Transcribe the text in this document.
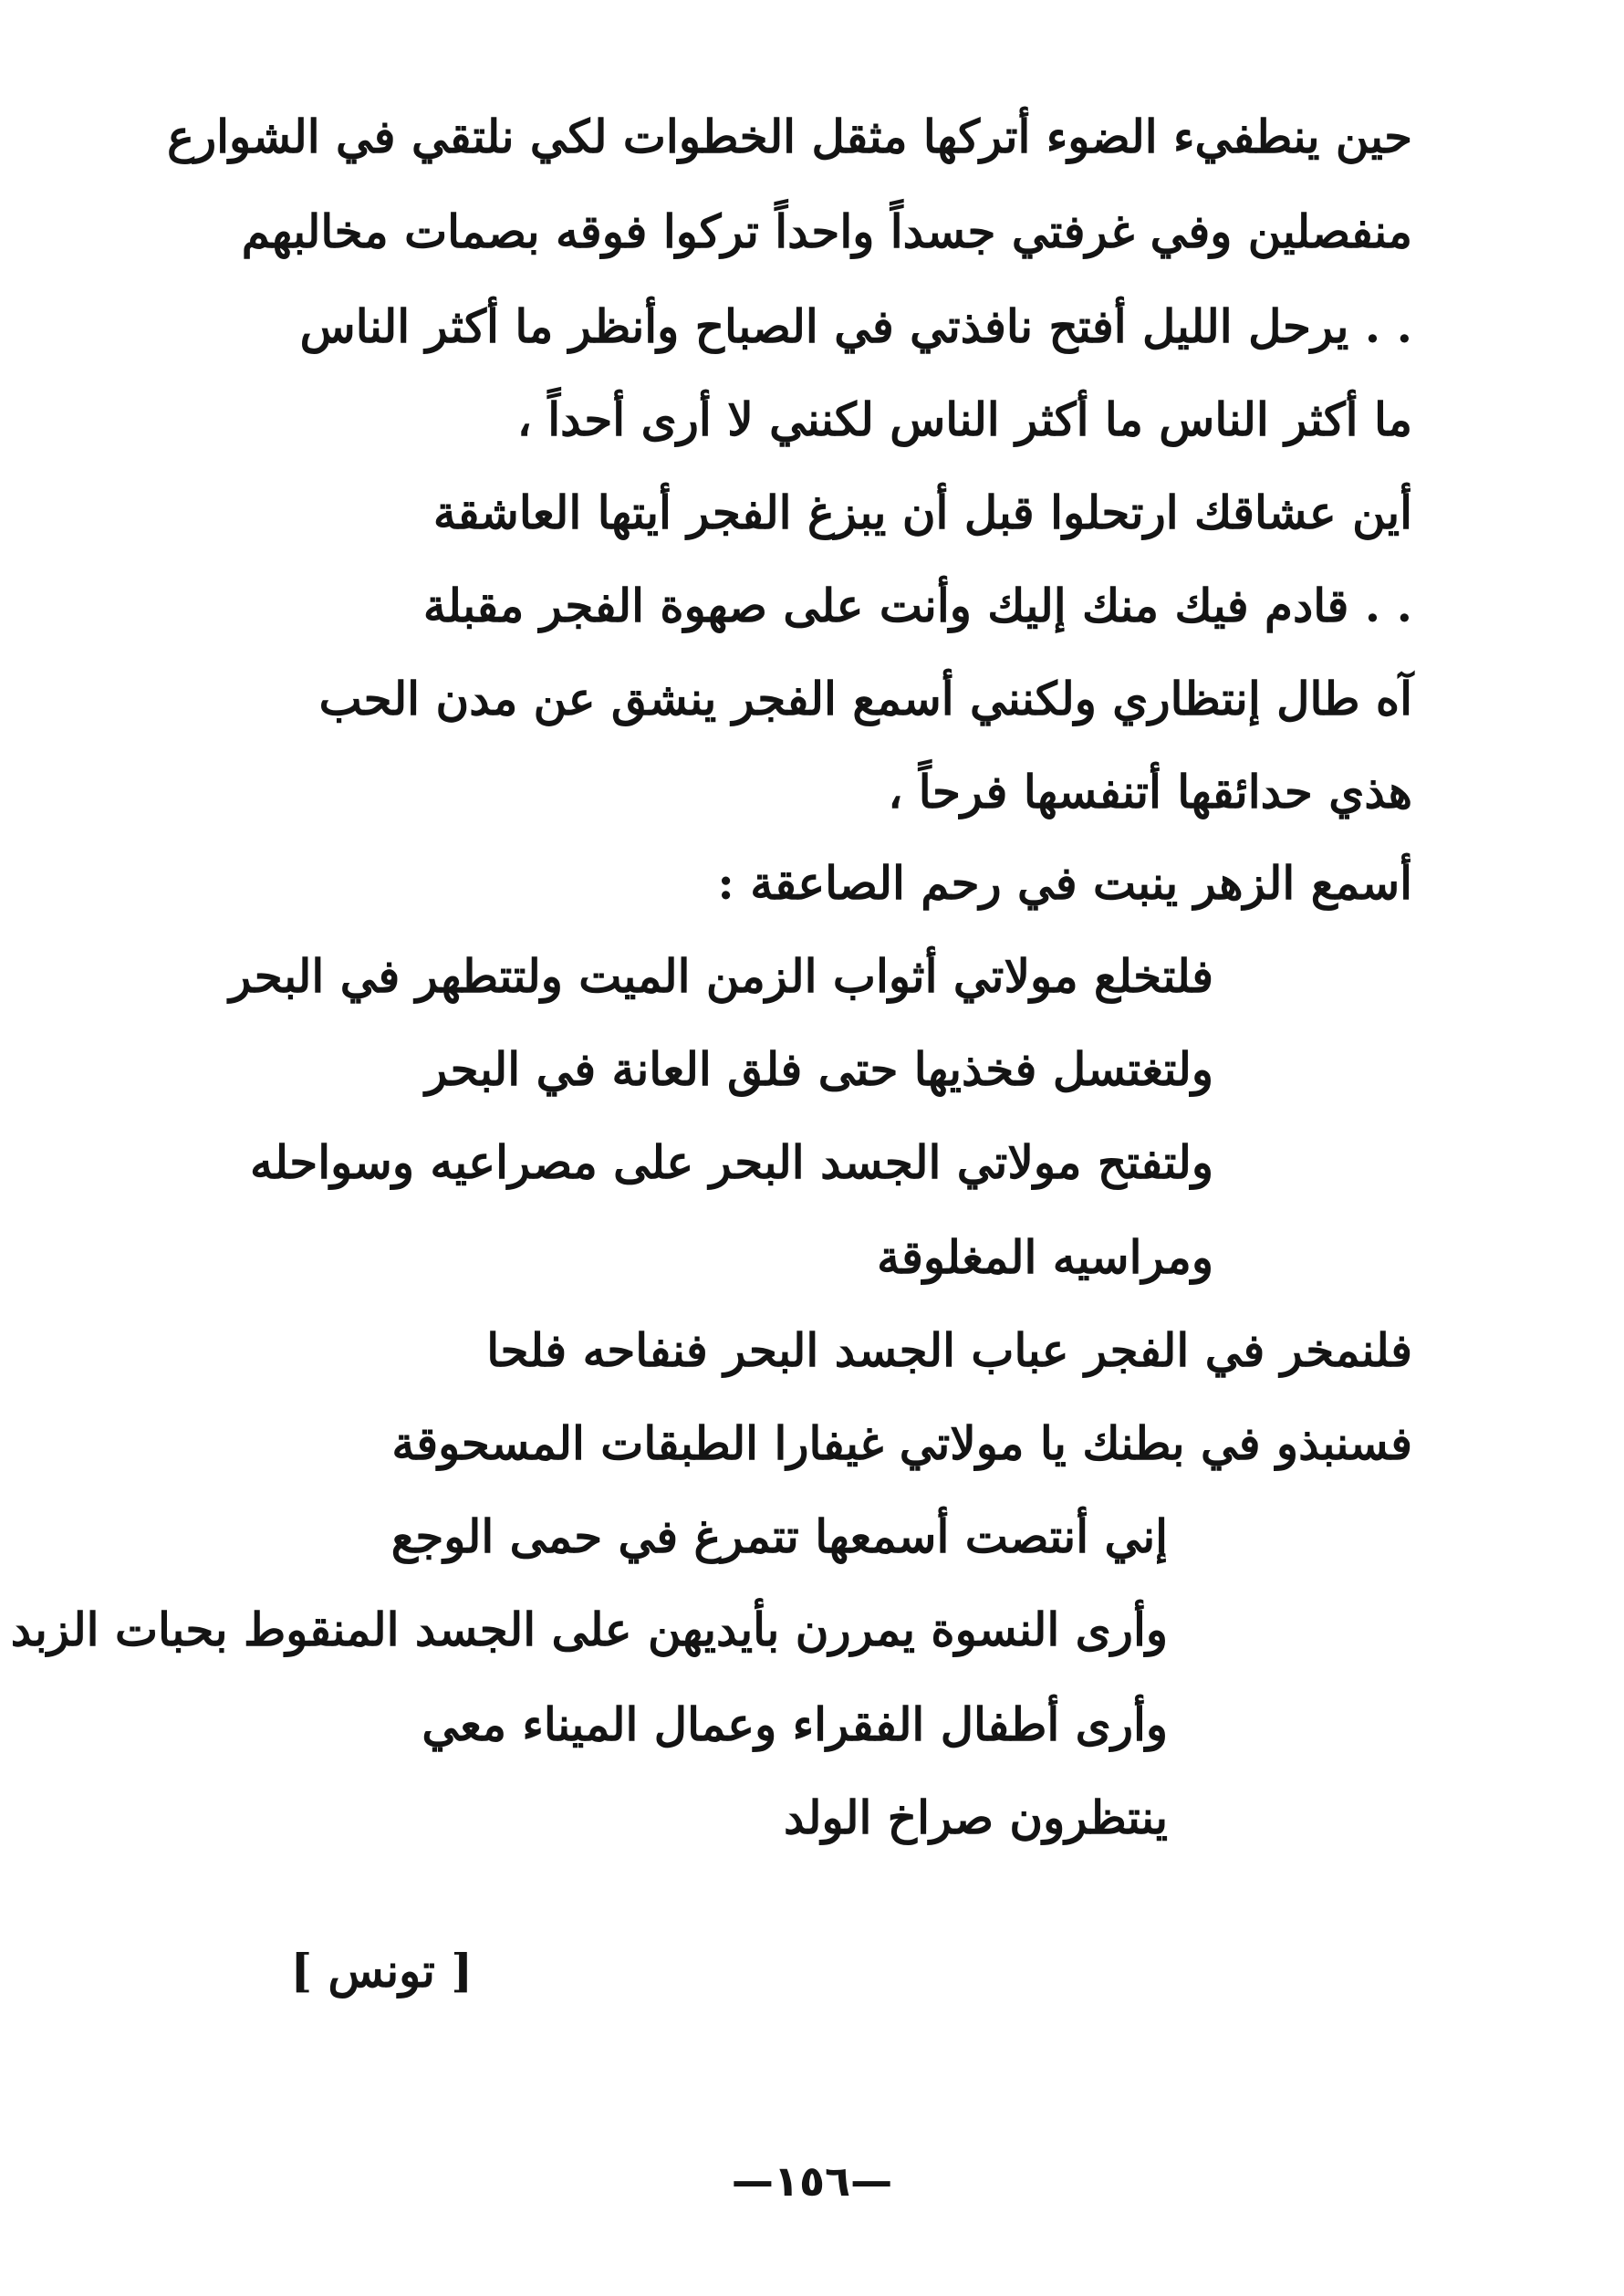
حين ينطفيء الضوء أتركها مثقل الخطوات لكي نلتقي في الشوارع
منفصلين وفي غرفتي جسداً واحداً تركوا فوقه بصمات مخالبهم
. . يرحل الليل أفتح نافذتي في الصباح وأنظر ما أكثر الناس
ما أكثر الناس ما أكثر الناس لكنني لا أرى أحداً ،
أين عشاقك ارتحلوا قبل أن يبزغ الفجر أيتها العاشقة
. . قادم فيك منك إليك وأنت على صهوة الفجر مقبلة
آه طال إنتظاري ولكنني أسمع الفجر ينشق عن مدن الحب
هذي حدائقها أتنفسها فرحاً ،
أسمع الزهر ينبت في رحم الصاعقة :
فلتخلع مولاتي أثواب الزمن الميت ولتتطهر في البحر
ولتغتسل فخذيها حتى فلق العانة في البحر
ولتفتح مولاتي الجسد البحر على مصراعيه وسواحله
ومراسيه المغلوقة
فلنمخر في الفجر عباب الجسد البحر فنفاحه فلحا
فسنبذو في بطنك يا مولاتي غيفارا الطبقات المسحوقة
إني أنتصت أسمعها تتمرغ في حمى الوجع
وأرى النسوة يمررن بأيديهن على الجسد المنقوط بحبات الزبد
وأرى أطفال الفقراء وعمال الميناء معي
ينتظرون صراخ الولد
[ تونس ]
—١٥٦—
